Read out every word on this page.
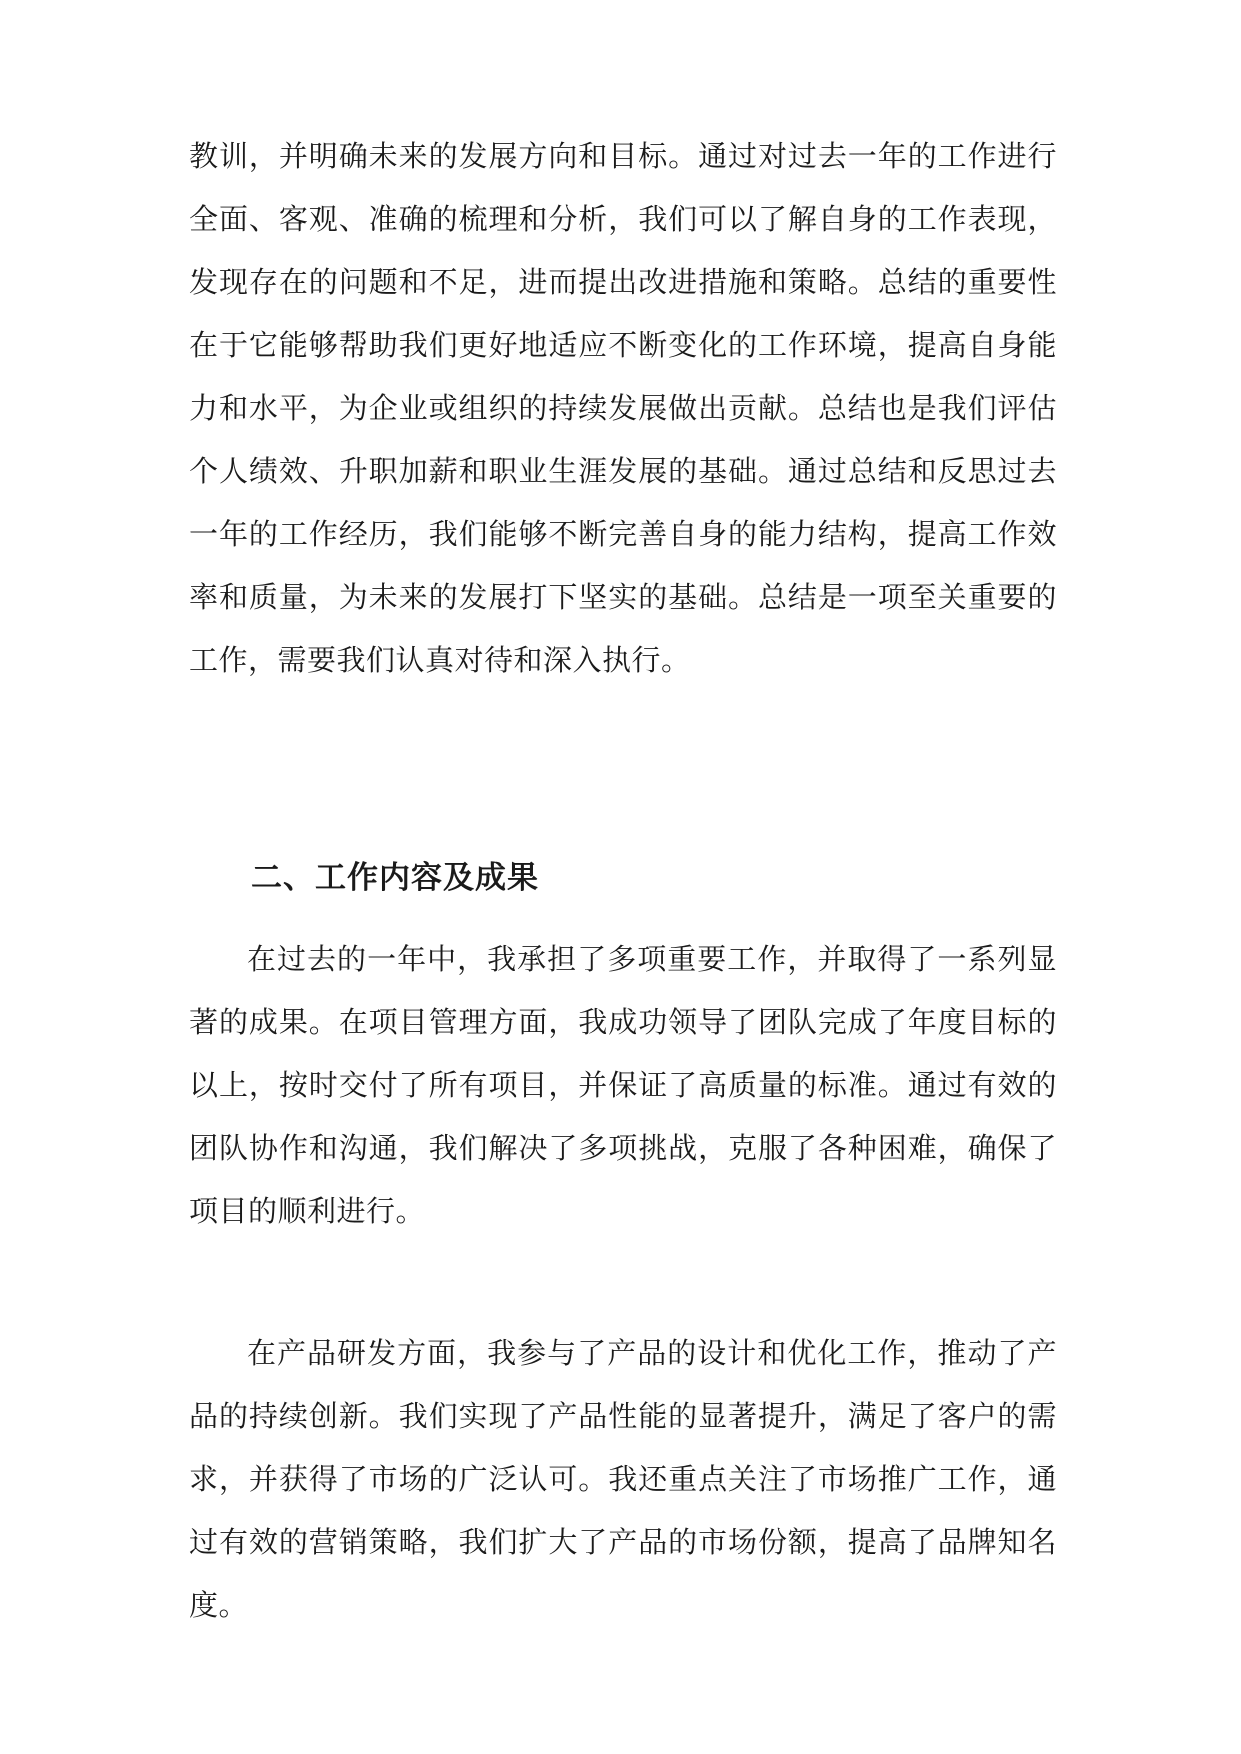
教训，并明确未来的发展方向和目标。通过对过去一年的工作进行全面、客观、准确的梳理和分析，我们可以了解自身的工作表现，发现存在的问题和不足，进而提出改进措施和策略。总结的重要性在于它能够帮助我们更好地适应不断变化的工作环境，提高自身能力和水平，为企业或组织的持续发展做出贡献。总结也是我们评估个人绩效、升职加薪和职业生涯发展的基础。通过总结和反思过去一年的工作经历，我们能够不断完善自身的能力结构，提高工作效率和质量，为未来的发展打下坚实的基础。总结是一项至关重要的工作，需要我们认真对待和深入执行。

二、工作内容及成果

在过去的一年中，我承担了多项重要工作，并取得了一系列显著的成果。在项目管理方面，我成功领导了团队完成了年度目标的以上，按时交付了所有项目，并保证了高质量的标准。通过有效的团队协作和沟通，我们解决了多项挑战，克服了各种困难，确保了项目的顺利进行。

在产品研发方面，我参与了产品的设计和优化工作，推动了产品的持续创新。我们实现了产品性能的显著提升，满足了客户的需求，并获得了市场的广泛认可。我还重点关注了市场推广工作，通过有效的营销策略，我们扩大了产品的市场份额，提高了品牌知名度。
